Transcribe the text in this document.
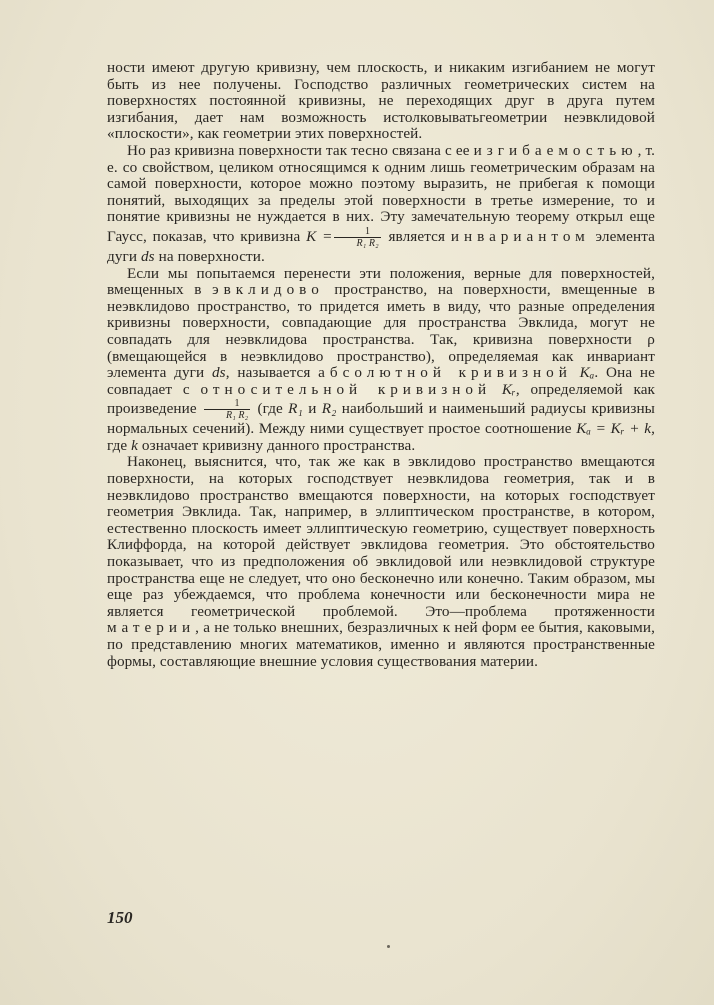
ности имеют другую кривизну, чем плоскость, и никаким изгибанием не могут быть из нее получены. Господство различных геометрических систем на поверхностях постоянной кривизны, не переходящих друг в друга путем изгибания, дает нам возможность истолковыватьгеометрии неэвклидовой «плоскости», как геометрии этих поверхностей.

Но раз кривизна поверхности так тесно связана с ее изгибаемостью, т. е. со свойством, целиком относящимся к одним лишь геометрическим образам на самой поверхности, которое можно поэтому выразить, не прибегая к помощи понятий, выходящих за пределы этой поверхности в третье измерение, то и понятие кривизны не нуждается в них. Эту замечательную теорему открыл еще Гаусс, показав, что кривизна $K = \frac{1}{\text{R₁ R₂}}$ является инвариантом элемента дуги ds на поверхности.

Если мы попытаемся перенести эти положения, верные для поверхностей, вмещенных в эвклидово пространство, на поверхности, вмещенные в неэвклидово пространство, то придется иметь в виду, что разные определения кривизны поверхности, совпадающие для пространства Эвклида, могут не совпадать для неэвклидова пространства. Так, кривизна поверхности ρ (вмещающейся в неэвклидово пространство), определяемая как инвариант элемента дуги ds, называется абсолютной кривизной Kₐ. Она не совпадает с относительной кривизной Kᵣ, определяемой как произведение $\frac{1}{\text{R₁ R₂}} (где$ R₁ и R₂ наибольший и наименьший радиусы кривизны нормальных сечений). Между ними существует простое соотношение Kₐ = Kᵣ + k, где k означает кривизну данного пространства.

Наконец, выяснится, что, так же как в эвклидово пространство вмещаются поверхности, на которых господствует неэвклидова геометрия, так и в неэвклидово пространство вмещаются поверхности, на которых господствует геометрия Эвклида. Так, например, в эллиптическом пространстве, в котором, естественно плоскость имеет эллиптическую геометрию, существует поверхность Клиффорда, на которой действует эвклидова геометрия. Это обстоятельство показывает, что из предположения об эвклидовой или неэвклидовой структуре пространства еще не следует, что оно бесконечно или конечно. Таким образом, мы еще раз убеждаемся, что проблема конечности или бесконечности мира не является геометрической проблемой. Это—проблема протяженности материи, а не только внешних, безразличных к ней форм ее бытия, каковыми, по представлению многих математиков, именно и являются пространственные формы, составляющие внешние условия существования материи.

150
